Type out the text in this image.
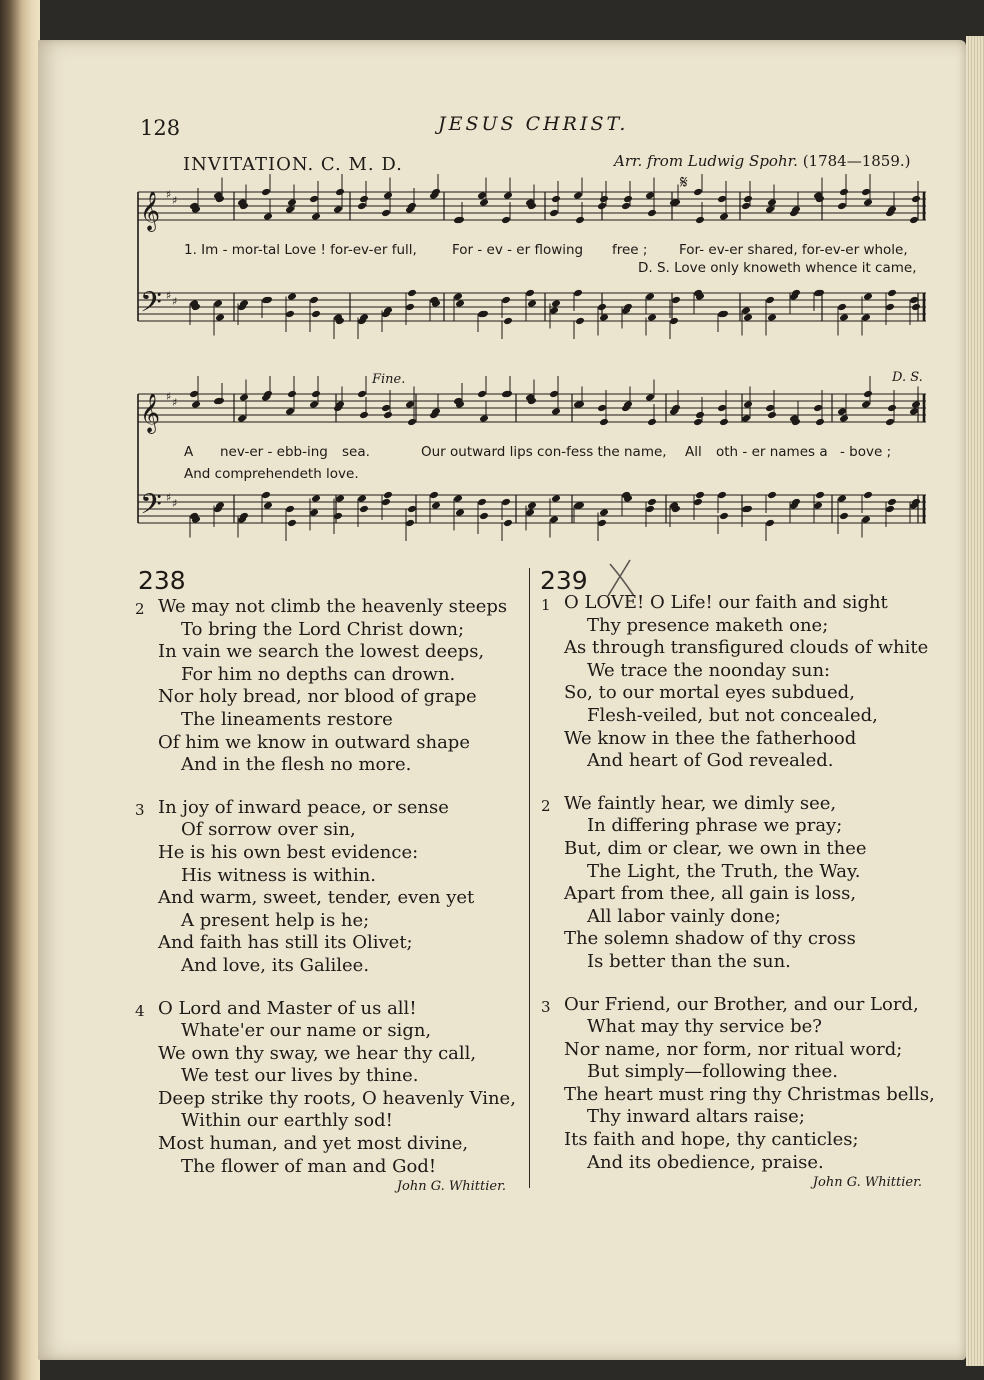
128	JESUS CHRIST.
INVITATION. C. M. D.	Arr. from Ludwig Spohr. (1784—1859.)
𝄞
𝄢
𝄞
𝄢
♯ ♯
♯ ♯
♯ ♯
♯ ♯
𝄋
Fine.	D. S.
1. Im - mor-tal Love ! for-ev-er full,	For - ev - er flowing free ; For- ev-er shared, for-ev-er whole,
D. S. Love only knoweth whence it came,
A nev-er - ebb-ing sea.	Our outward lips con-fess the name, All oth - er names a - bove ;
And comprehendeth love.
238
2 We may not climb the heavenly steeps
To bring the Lord Christ down;
In vain we search the lowest deeps,
For him no depths can drown.
Nor holy bread, nor blood of grape
The lineaments restore
Of him we know in outward shape
And in the flesh no more.
3 In joy of inward peace, or sense
Of sorrow over sin,
He is his own best evidence:
His witness is within.
And warm, sweet, tender, even yet
A present help is he;
And faith has still its Olivet;
And love, its Galilee.
4 O Lord and Master of us all!
Whate'er our name or sign,
We own thy sway, we hear thy call,
We test our lives by thine.
Deep strike thy roots, O heavenly Vine,
Within our earthly sod!
Most human, and yet most divine,
The flower of man and God!
John G. Whittier.
239
1 O LOVE! O Life! our faith and sight
Thy presence maketh one;
As through transfigured clouds of white
We trace the noonday sun:
So, to our mortal eyes subdued,
Flesh-veiled, but not concealed,
We know in thee the fatherhood
And heart of God revealed.
2 We faintly hear, we dimly see,
In differing phrase we pray;
But, dim or clear, we own in thee
The Light, the Truth, the Way.
Apart from thee, all gain is loss,
All labor vainly done;
The solemn shadow of thy cross
Is better than the sun.
3 Our Friend, our Brother, and our Lord,
What may thy service be?
Nor name, nor form, nor ritual word;
But simply—following thee.
The heart must ring thy Christmas bells,
Thy inward altars raise;
Its faith and hope, thy canticles;
And its obedience, praise.
John G. Whittier.
